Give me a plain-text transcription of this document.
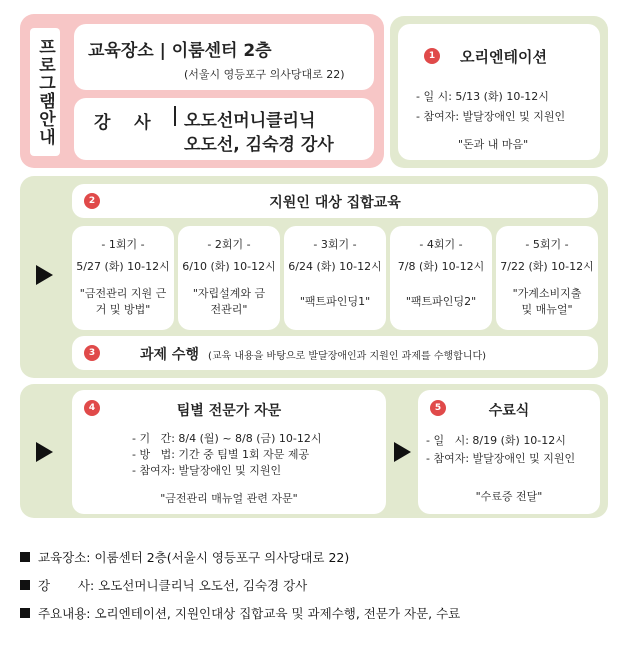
프로그램안내 교육장소 | 이룸센터 2층
(서울시 영등포구 의사당대로 22)
강    사 오도선머니클리닉
오도선, 김숙경 강사
1	오리엔테이션
- 일 시: 5/13 (화) 10-12시
- 참여자: 발달장애인 및 지원인
"돈과 내 마음"
2	지원인 대상 집합교육
- 1회기 -
5/27 (화) 10-12시
"금전관리 지원 근거 및 방법"
- 2회기 -
6/10 (화) 10-12시
"자립설계와 금전관리"
- 3회기 -
6/24 (화) 10-12시
"팩트파인딩1"
- 4회기 -
7/8 (화) 10-12시
"팩트파인딩2"
- 5회기 -
7/22 (화) 10-12시
"가계소비지출 및 매뉴얼"
3	과제 수행 (교육 내용을 바탕으로 발달장애인과 지원인 과제를 수행합니다)
4	팀별 전문가 자문
- 기   간: 8/4 (월) ~ 8/8 (금) 10-12시
- 방   법: 기간 중 팀별 1회 자문 제공
- 참여자: 발달장애인 및 지원인
"금전관리 매뉴얼 관련 자문"
5	수료식
- 일   시: 8/19 (화) 10-12시
- 참여자: 발달장애인 및 지원인
"수료증 전달"
교육장소: 이룸센터 2층(서울시 영등포구 의사당대로 22)
강       사: 오도선머니클리닉 오도선, 김숙경 강사
주요내용: 오리엔테이션, 지원인대상 집합교육 및 과제수행, 전문가 자문, 수료
